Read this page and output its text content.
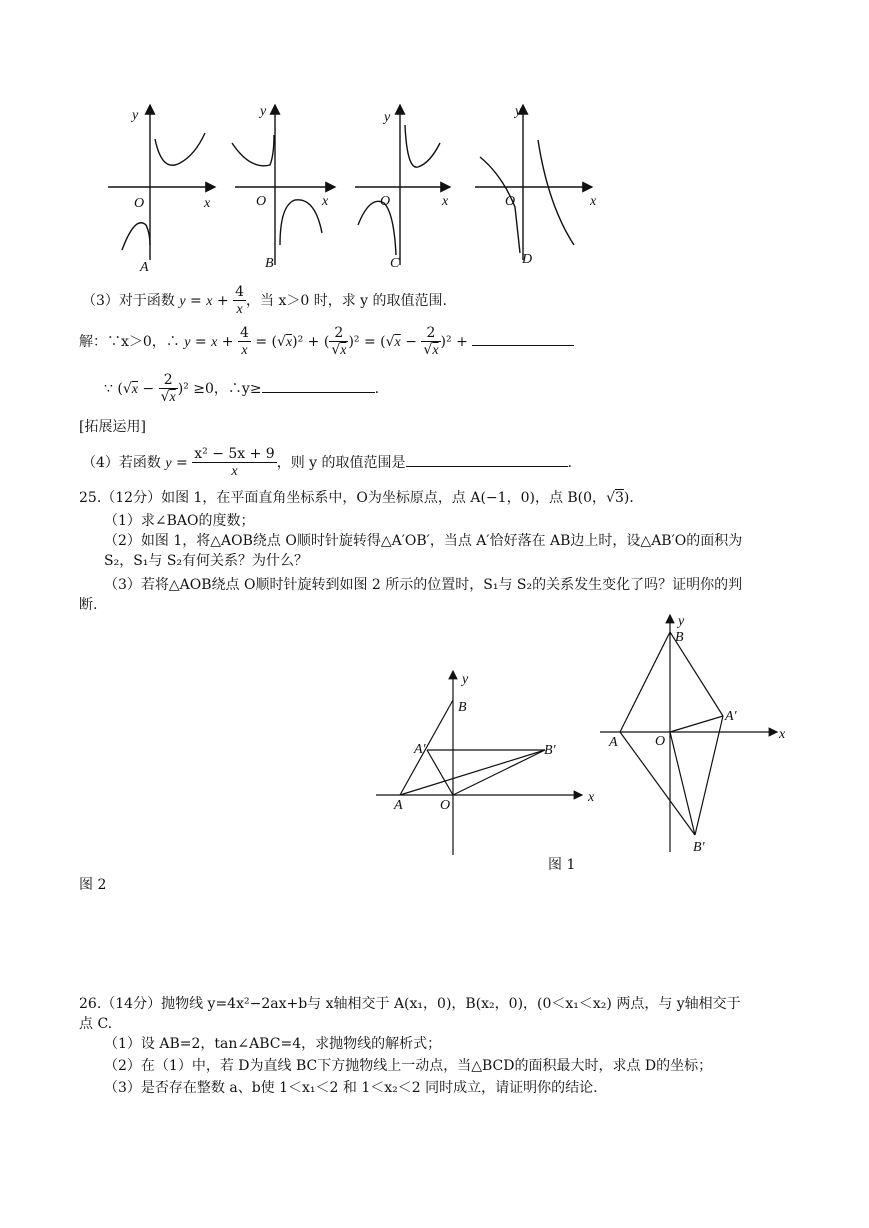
y
x
O
A
y
x
O
B
y
x
O
C
y
x
O
D
（3）对于函数 $y = x + \frac{4}{x}$ ，当 x＞0 时，求 y 的取值范围.
解：∵x＞0，∴ $y = x + \frac{4}{x} = (√x)^2$ + ( $\frac{2}{√x} )^2 = (√x - \frac{2}{√x} )^2$ +
∵ $(√x - \frac{2}{√x} )^2 \ge 0$，∴y≥	.
[拓展运用]
（4）若函数 $y = \frac{\text{x² − 5x + 9}}{x}$ ，则 y 的取值范围是	.
25.（12分）如图 1，在平面直角坐标系中，O为坐标原点，点 A(−1，0)，点 B(0，√3)．
（1）求∠BAO的度数；
（2）如图 1，将△AOB绕点 O顺时针旋转得△A′OB′，当点 A′恰好落在 AB边上时，设△AB′O的面积为
S₂，S₁与 S₂有何关系？为什么？
（3）若将△AOB绕点 O顺时针旋转到如图 2 所示的位置时，S₁与 S₂的关系发生变化了吗？证明你的判
断.
y
x
B
A′	B′
A	O
y
x
B
A′
A	O
B′
图 1
图 2
26.（14分）抛物线 y=4x²−2ax+b与 x轴相交于 A(x₁，0)，B(x₂，0)，(0＜x₁＜x₂) 两点，与 y轴相交于
点 C.
（1）设 AB=2，tan∠ABC=4，求抛物线的解析式；
（2）在（1）中，若 D为直线 BC下方抛物线上一动点，当△BCD的面积最大时，求点 D的坐标；
（3）是否存在整数 a、b使 1＜x₁＜2 和 1＜x₂＜2 同时成立，请证明你的结论.
